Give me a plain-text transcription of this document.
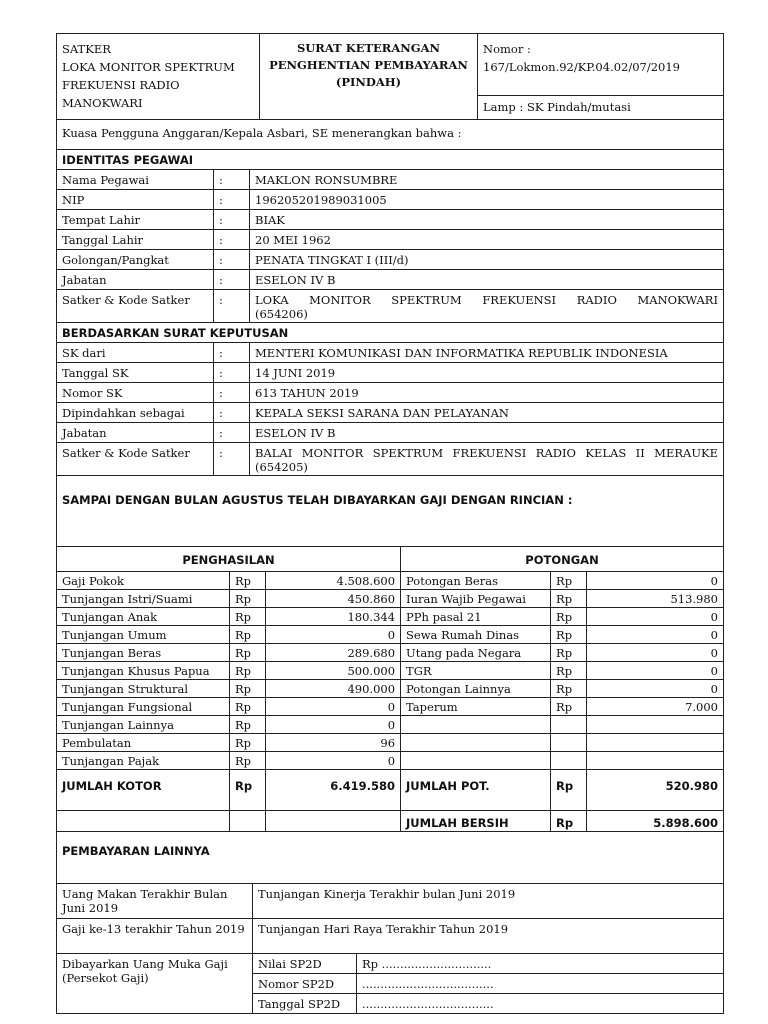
SATKER
LOKA MONITOR SPEKTRUM FREKUENSI RADIO MANOKWARI

SURAT KETERANGAN
PENGHENTIAN PEMBAYARAN
(PINDAH)

Nomor :
167/Lokmon.92/KP.04.02/07/2019

Lamp : SK Pindah/mutasi
Kuasa Pengguna Anggaran/Kepala Asbari, SE menerangkan bahwa :		
IDENTITAS PEGAWAI		
Nama Pegawai	:	MAKLON RONSUMBRE

NIP	:	196205201989031005

Tempat Lahir	:	BIAK

Tanggal Lahir	:	20 MEI 1962

Golongan/Pangkat	:	PENATA TINGKAT I (III/d)

Jabatan	:	ESELON IV B

Satker & Kode Satker	:	LOKA MONITOR SPEKTRUM FREKUENSI RADIO MANOKWARI
(654206)

BERDASARKAN SURAT KEPUTUSAN		
SK dari	:	MENTERI KOMUNIKASI DAN INFORMATIKA REPUBLIK INDONESIA

Tanggal SK	:	14 JUNI 2019

Nomor SK	:	613 TAHUN 2019

Dipindahkan sebagai	:	KEPALA SEKSI SARANA DAN PELAYANAN

Jabatan	:	ESELON IV B

Satker & Kode Satker	:	BALAI MONITOR SPEKTRUM FREKUENSI RADIO KELAS II MERAUKE
(654205)

SAMPAI DENGAN BULAN AGUSTUS TELAH DIBAYARKAN GAJI DENGAN RINCIAN :		
PENGHASILAN			POTONGAN		
Gaji Pokok	Rp	4.508.600	Potongan Beras	Rp	0
Tunjangan Istri/Suami	Rp	450.860	Iuran Wajib Pegawai	Rp	513.980
Tunjangan Anak	Rp	180.344	PPh pasal 21	Rp	0
Tunjangan Umum	Rp	0	Sewa Rumah Dinas	Rp	0
Tunjangan Beras	Rp	289.680	Utang pada Negara	Rp	0
Tunjangan Khusus Papua	Rp	500.000	TGR	Rp	0
Tunjangan Struktural	Rp	490.000	Potongan Lainnya	Rp	0
Tunjangan Fungsional	Rp	0	Taperum	Rp	7.000
Tunjangan Lainnya	Rp	0			
Pembulatan	Rp	96			
Tunjangan Pajak	Rp	0			
JUMLAH KOTOR	Rp	6.419.580	JUMLAH POT.	Rp	520.980
			JUMLAH BERSIH	Rp	5.898.600
PEMBAYARAN LAINNYA		
Uang Makan Terakhir Bulan Juni 2019	Tunjangan Kinerja Terakhir bulan Juni 2019	
Gaji ke-13 terakhir Tahun 2019	Tunjangan Hari Raya Terakhir Tahun 2019	
Dibayarkan Uang Muka Gaji (Persekot Gaji)	Nilai SP2D	Rp ..............................
	Nomor SP2D	....................................
	Tanggal SP2D	....................................
